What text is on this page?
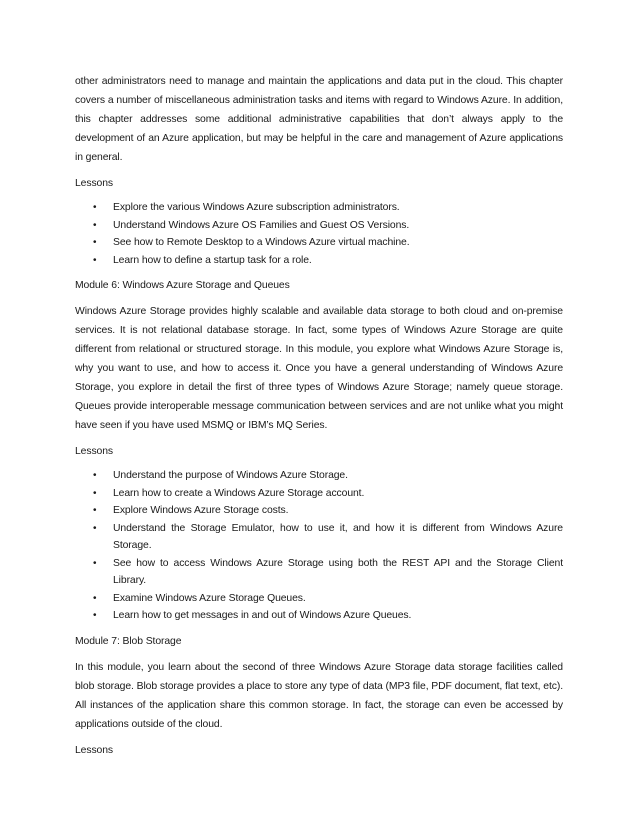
other administrators need to manage and maintain the applications and data put in the cloud. This chapter covers a number of miscellaneous administration tasks and items with regard to Windows Azure. In addition, this chapter addresses some additional administrative capabilities that don’t always apply to the development of an Azure application, but may be helpful in the care and management of Azure applications in general.

Lessons

• Explore the various Windows Azure subscription administrators.
• Understand Windows Azure OS Families and Guest OS Versions.
• See how to Remote Desktop to a Windows Azure virtual machine.
• Learn how to define a startup task for a role.

Module 6: Windows Azure Storage and Queues

Windows Azure Storage provides highly scalable and available data storage to both cloud and on-premise services. It is not relational database storage. In fact, some types of Windows Azure Storage are quite different from relational or structured storage. In this module, you explore what Windows Azure Storage is, why you want to use, and how to access it. Once you have a general understanding of Windows Azure Storage, you explore in detail the first of three types of Windows Azure Storage; namely queue storage. Queues provide interoperable message communication between services and are not unlike what you might have seen if you have used MSMQ or IBM’s MQ Series.

Lessons

• Understand the purpose of Windows Azure Storage.
• Learn how to create a Windows Azure Storage account.
• Explore Windows Azure Storage costs.
• Understand the Storage Emulator, how to use it, and how it is different from Windows Azure Storage.
• See how to access Windows Azure Storage using both the REST API and the Storage Client Library.
• Examine Windows Azure Storage Queues.
• Learn how to get messages in and out of Windows Azure Queues.

Module 7: Blob Storage

In this module, you learn about the second of three Windows Azure Storage data storage facilities called blob storage. Blob storage provides a place to store any type of data (MP3 file, PDF document, flat text, etc). All instances of the application share this common storage. In fact, the storage can even be accessed by applications outside of the cloud.

Lessons
